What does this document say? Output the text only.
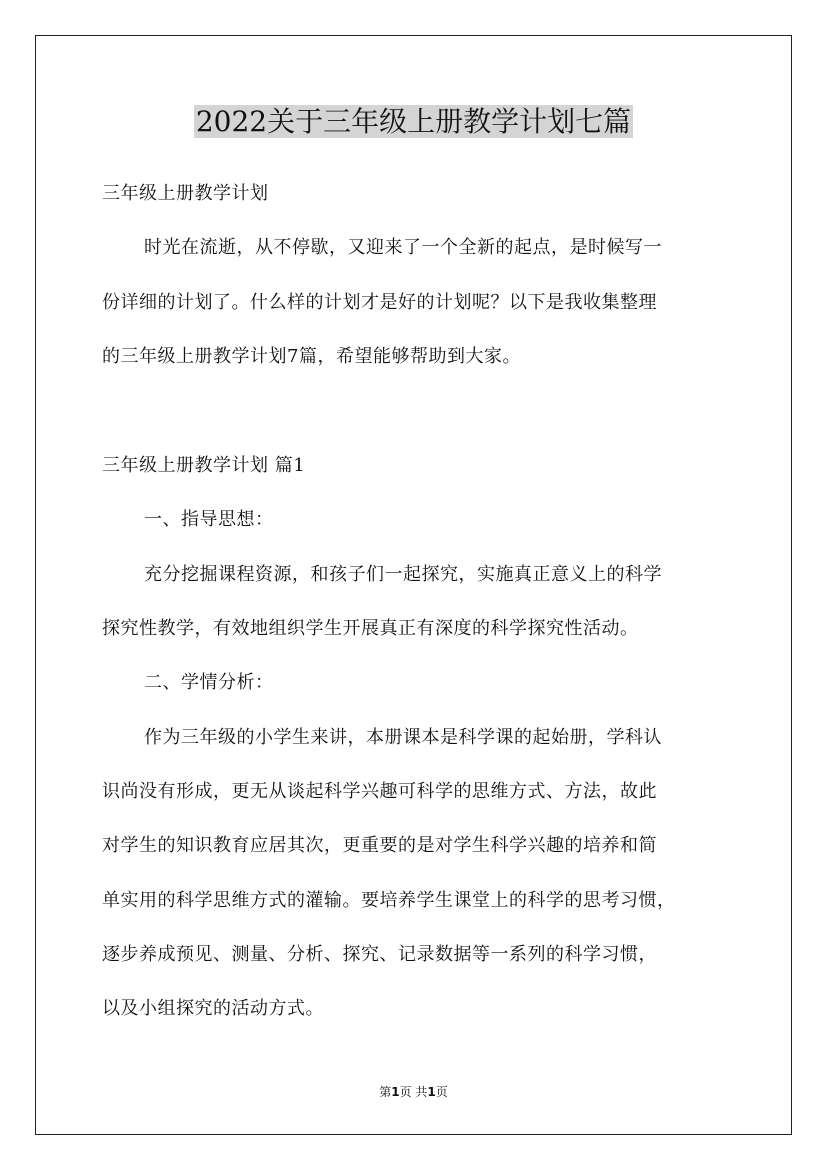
2022关于三年级上册教学计划七篇
三年级上册教学计划
时光在流逝，从不停歇，又迎来了一个全新的起点，是时候写一
份详细的计划了。什么样的计划才是好的计划呢？以下是我收集整理
的三年级上册教学计划7篇，希望能够帮助到大家。
三年级上册教学计划 篇1
一、指导思想：
充分挖掘课程资源，和孩子们一起探究，实施真正意义上的科学
探究性教学，有效地组织学生开展真正有深度的科学探究性活动。
二、学情分析：
作为三年级的小学生来讲，本册课本是科学课的起始册，学科认
识尚没有形成，更无从谈起科学兴趣可科学的思维方式、方法，故此
对学生的知识教育应居其次，更重要的是对学生科学兴趣的培养和简
单实用的科学思维方式的灌输。要培养学生课堂上的科学的思考习惯，
逐步养成预见、测量、分析、探究、记录数据等一系列的科学习惯，
以及小组探究的活动方式。
第1页 共1页
